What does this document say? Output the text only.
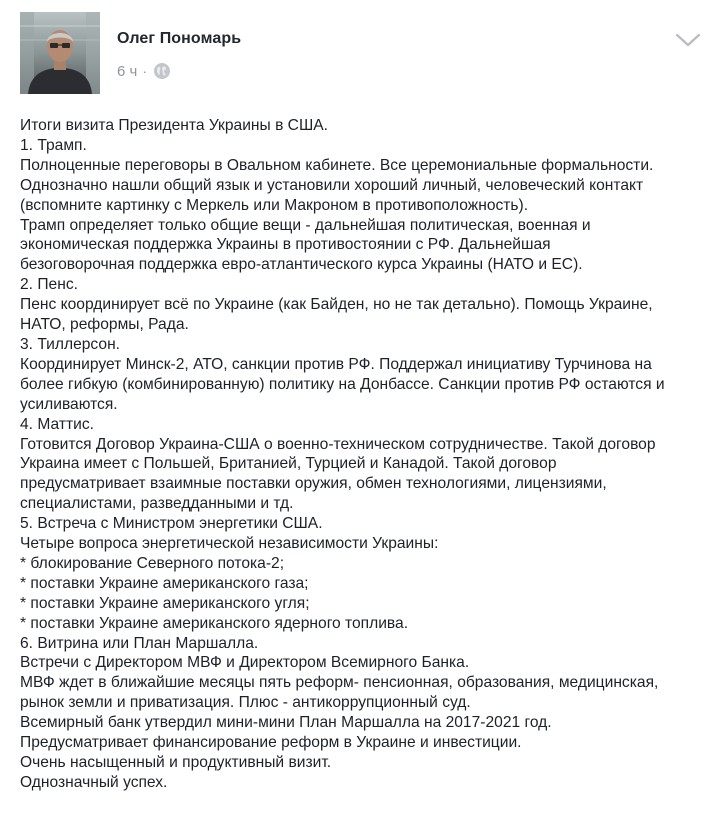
Олег Пономарь
6 ч ·
Итоги визита Президента Украины в США.
1. Трамп.
Полноценные переговоры в Овальном кабинете. Все церемониальные формальности.
Однозначно нашли общий язык и установили хороший личный, человеческий контакт
(вспомните картинку с Меркель или Макроном в противоположность).
Трамп определяет только общие вещи - дальнейшая политическая, военная и
экономическая поддержка Украины в противостоянии с РФ. Дальнейшая
безоговорочная поддержка евро-атлантического курса Украины (НАТО и ЕС).
2. Пенс.
Пенс координирует всё по Украине (как Байден, но не так детально). Помощь Украине,
НАТО, реформы, Рада.
3. Тиллерсон.
Координирует Минск-2, АТО, санкции против РФ. Поддержал инициативу Турчинова на
более гибкую (комбинированную) политику на Донбассе. Санкции против РФ остаются и
усиливаются.
4. Маттис.
Готовится Договор Украина-США о военно-техническом сотрудничестве. Такой договор
Украина имеет с Польшей, Британией, Турцией и Канадой. Такой договор
предусматривает взаимные поставки оружия, обмен технологиями, лицензиями,
специалистами, разведданными и тд.
5. Встреча с Министром энергетики США.
Четыре вопроса энергетической независимости Украины:
* блокирование Северного потока-2;
* поставки Украине американского газа;
* поставки Украине американского угля;
* поставки Украине американского ядерного топлива.
6. Витрина или План Маршалла.
Встречи с Директором МВФ и Директором Всемирного Банка.
МВФ ждет в ближайшие месяцы пять реформ- пенсионная, образования, медицинская,
рынок земли и приватизация. Плюс - антикоррупционный суд.
Всемирный банк утвердил мини-мини План Маршалла на 2017-2021 год.
Предусматривает финансирование реформ в Украине и инвестиции.
Очень насыщенный и продуктивный визит.
Однозначный успех.
